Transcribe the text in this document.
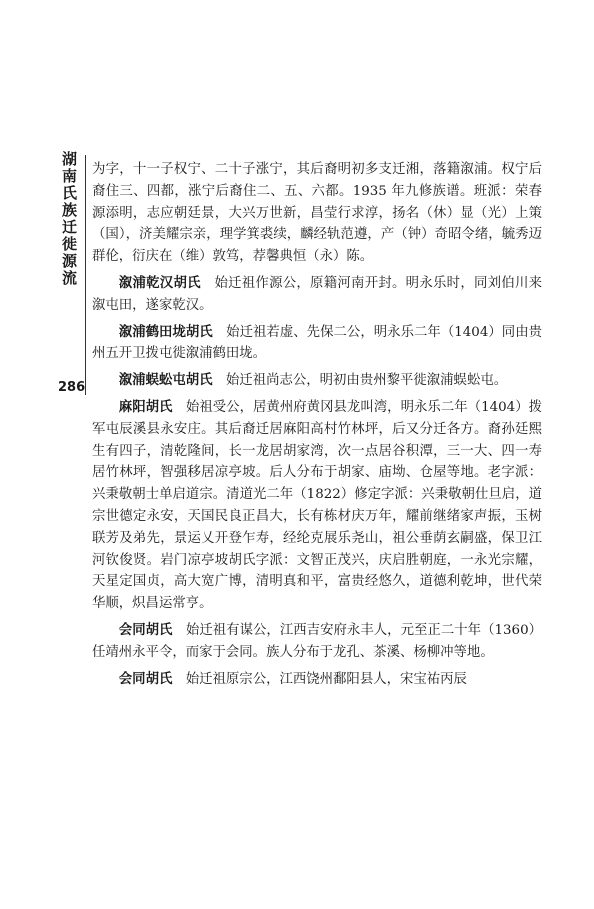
湖南氏族迁徙源流
286

为字，十一子权宁、二十子涨宁，其后裔明初多支迁湘，落籍溆浦。权宁后裔住三、四都，涨宁后裔住二、五、六都。1935 年九修族谱。班派：荣春源添明，志应朝廷景，大兴万世新，昌莹行求淳，扬名（休）显（光）上策（国），济美耀宗亲，理学箕裘续，麟经轨范遵，产（钟）奇昭令绪，毓秀迈群伦，衍庆在（维）敦笃，荐馨典恒（永）陈。

溆浦乾汉胡氏　 始迁祖作源公，原籍河南开封。明永乐时，同刘伯川来溆屯田，遂家乾汉。

溆浦鹤田垅胡氏　 始迁祖若虚、先保二公，明永乐二年（1404）同由贵州五开卫拨屯徙溆浦鹤田垅。

溆浦蜈蚣屯胡氏　 始迁祖尚志公，明初由贵州黎平徙溆浦蜈蚣屯。

麻阳胡氏　 始祖受公，居黄州府黄冈县龙叫湾，明永乐二年（1404）拨军屯辰溪县永安庄。其后裔迁居麻阳高村竹林坪，后又分迁各方。裔孙廷熙生有四子，清乾隆间，长一龙居胡家湾，次一点居谷积潭，三一大、四一寿居竹林坪，智强移居凉亭坡。后人分布于胡家、庙坳、仓屋等地。老字派：兴秉敬朝士单启道宗。清道光二年（1822）修定字派：兴秉敬朝仕旦启，道宗世德定永安，天国民良正昌大，长有栋材庆万年，耀前继绪家声振，玉树联芳及弟先，景运乂开登乍寿，经纶克展乐尧山，祖公垂荫玄嗣盛，保卫江河钦俊贤。岩门凉亭坡胡氏字派：文智正茂兴，庆启胜朝庭，一永光宗耀，天星定国贞，高大宽广博，清明真和平，富贵经悠久，道德利乾坤，世代荣华顺，炽昌运常亨。

会同胡氏　 始迁祖有谋公，江西吉安府永丰人，元至正二十年（1360）任靖州永平令，而家于会同。族人分布于龙孔、茶溪、杨柳冲等地。

会同胡氏　 始迁祖原宗公，江西饶州鄱阳县人，宋宝祐丙辰
